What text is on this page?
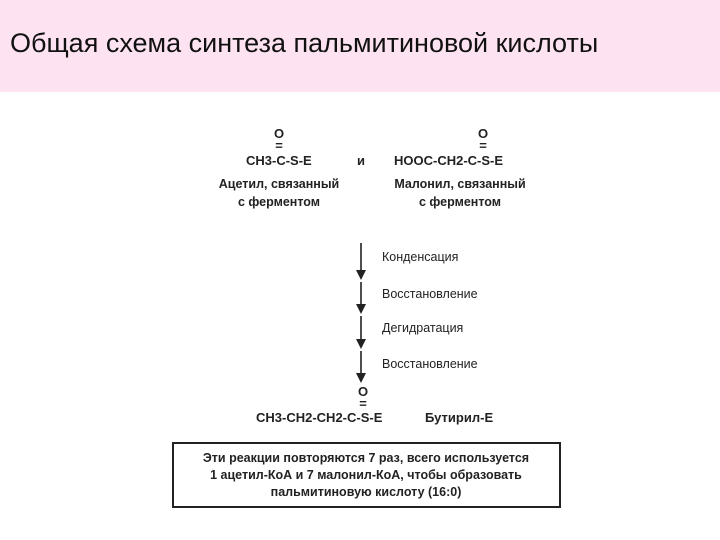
Общая схема синтеза пальмитиновой кислоты
O
=
CH3-C-S-E
Ацетил, связанный
с ферментом
и
O
=
HOOC-CH2-C-S-E
Малонил, связанный
с ферментом
Конденсация
Восстановление
Дегидратация
Восстановление
O
=
CH3-CH2-CH2-C-S-E	Бутирил-Е
Эти реакции повторяются 7 раз, всего используется
1 ацетил-КоА и 7 малонил-КоА, чтобы образовать
пальмитиновую кислоту (16:0)
